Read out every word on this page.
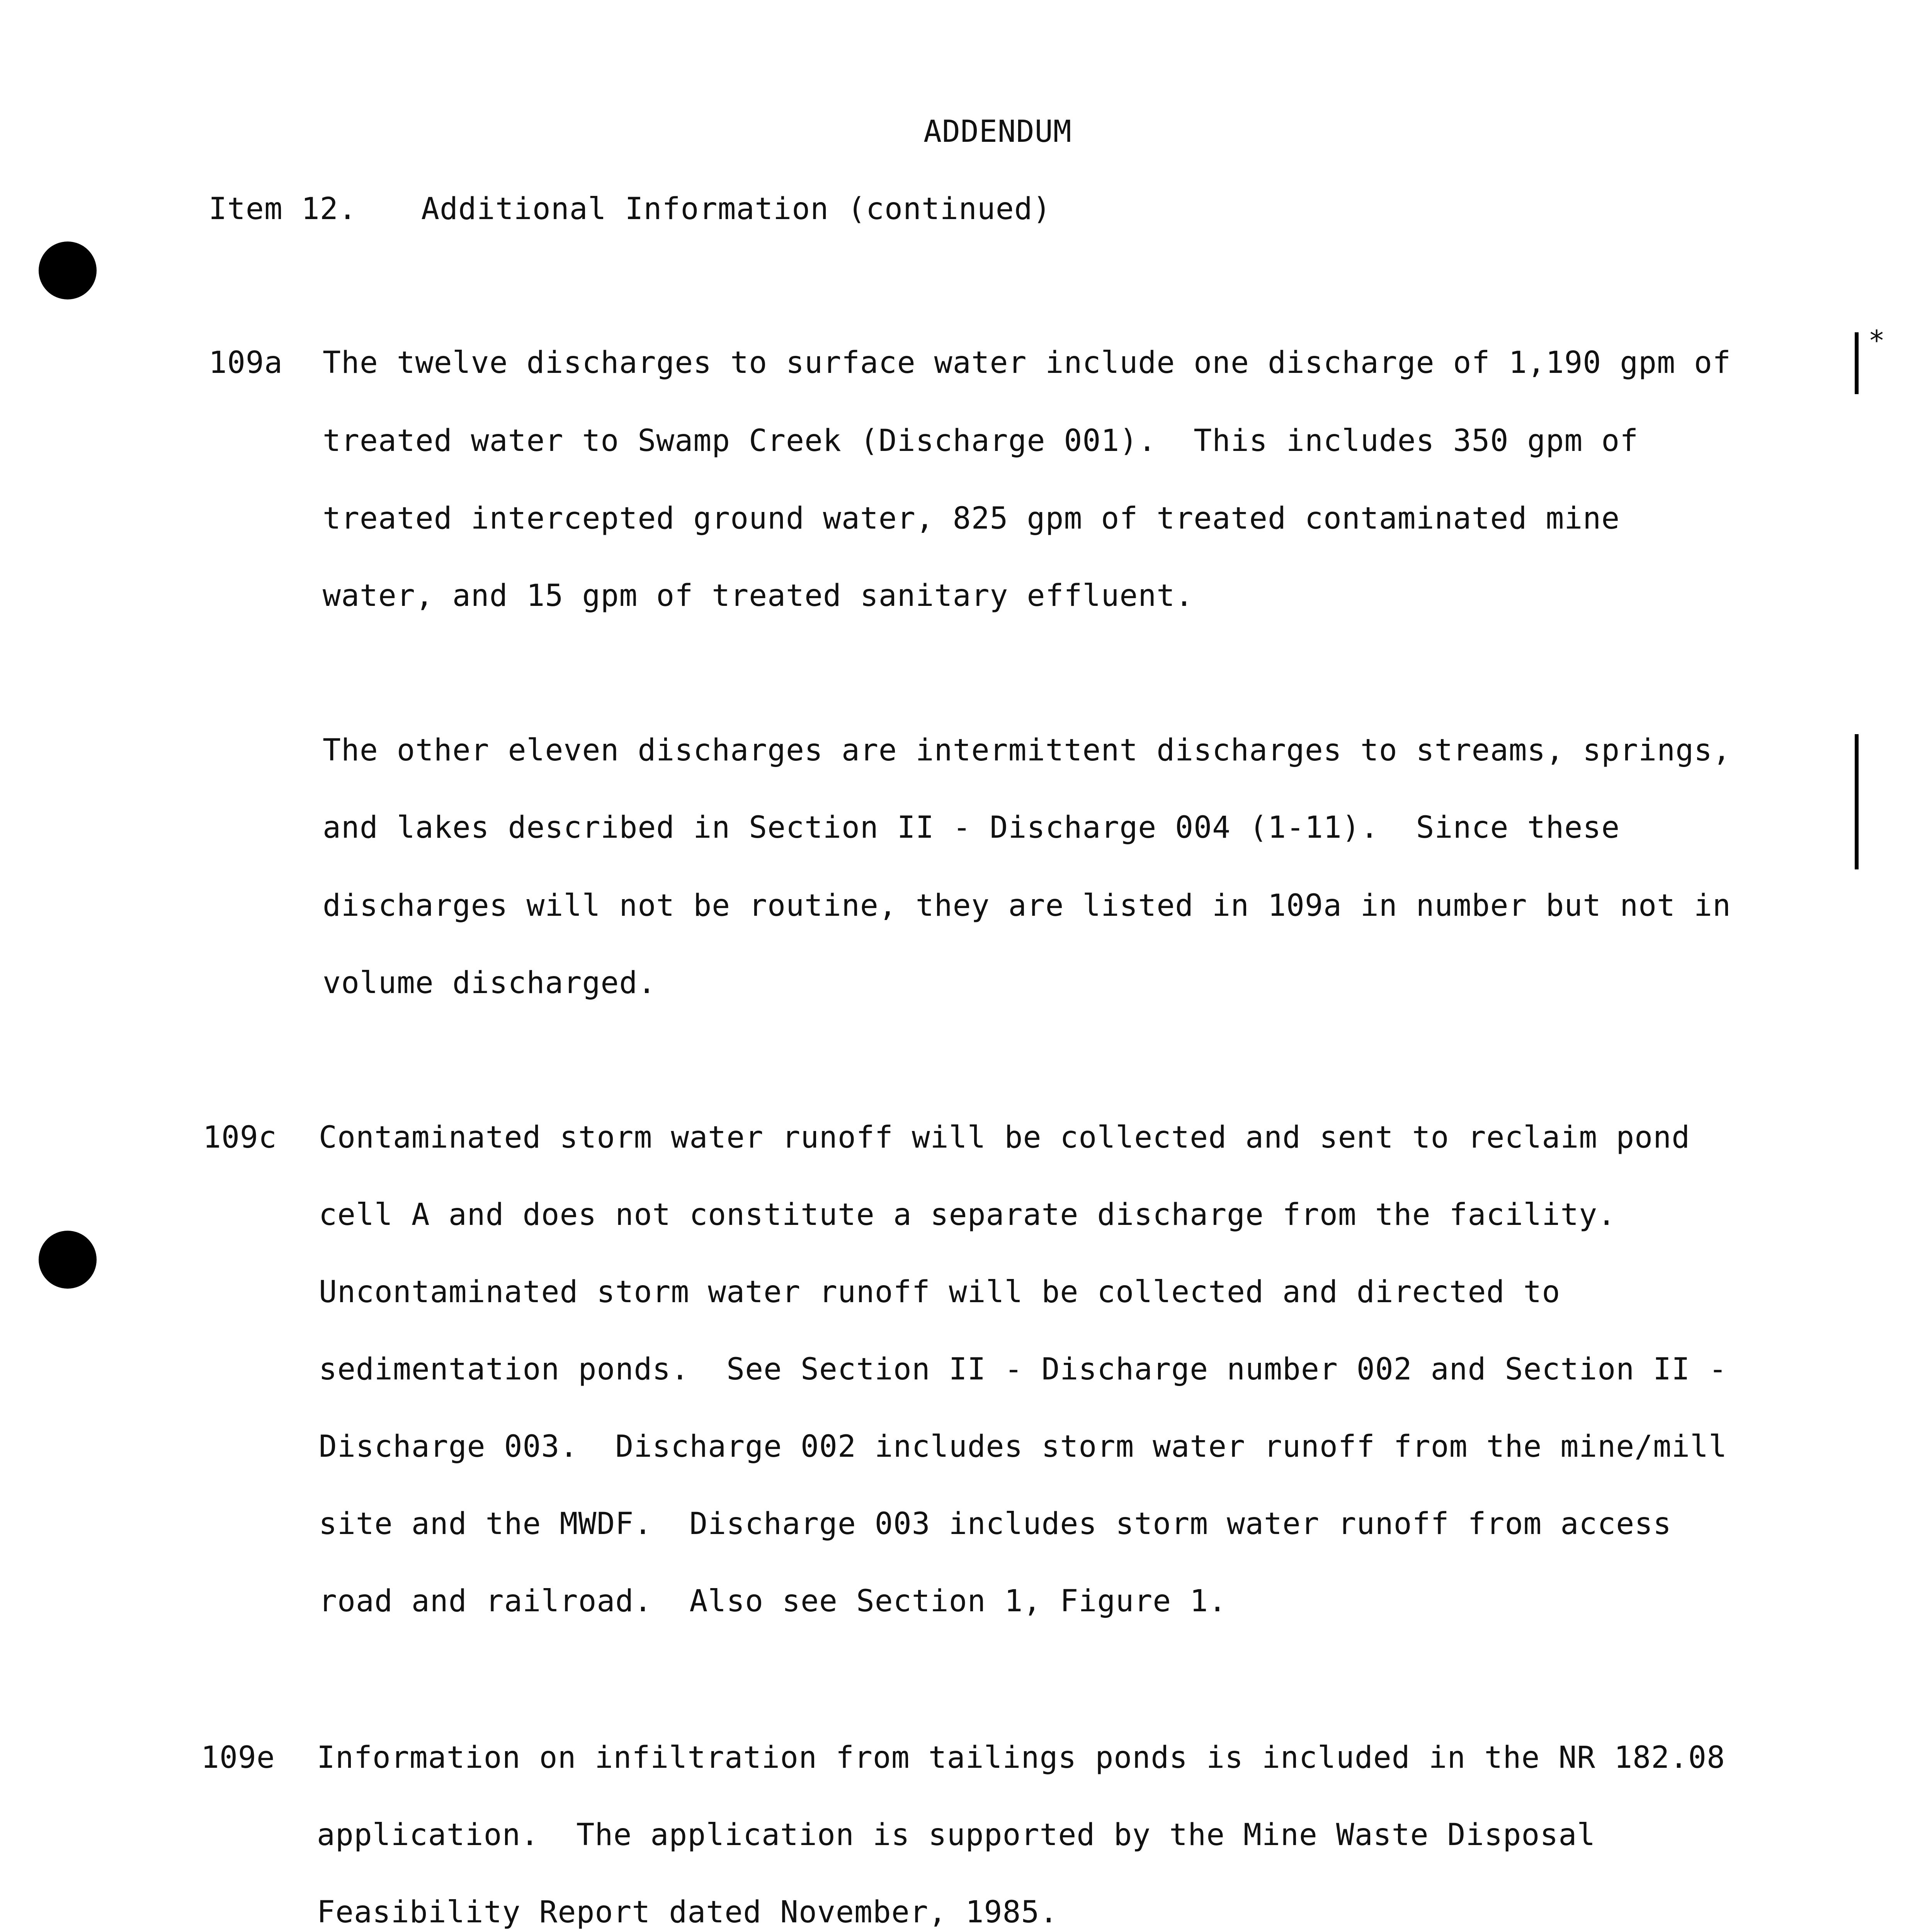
ADDENDUM
Item 12. Additional Information (continued)
*
109a The twelve discharges to surface water include one discharge of 1,190 gpm of
treated water to Swamp Creek (Discharge 001).  This includes 350 gpm of
treated intercepted ground water, 825 gpm of treated contaminated mine
water, and 15 gpm of treated sanitary effluent.
The other eleven discharges are intermittent discharges to streams, springs,
and lakes described in Section II - Discharge 004 (1-11).  Since these
discharges will not be routine, they are listed in 109a in number but not in
volume discharged.
109c Contaminated storm water runoff will be collected and sent to reclaim pond
cell A and does not constitute a separate discharge from the facility.
Uncontaminated storm water runoff will be collected and directed to
sedimentation ponds.  See Section II - Discharge number 002 and Section II -
Discharge 003.  Discharge 002 includes storm water runoff from the mine/mill
site and the MWDF.  Discharge 003 includes storm water runoff from access
road and railroad.  Also see Section 1, Figure 1.
109e Information on infiltration from tailings ponds is included in the NR 182.08
application.  The application is supported by the Mine Waste Disposal
Feasibility Report dated November, 1985.
